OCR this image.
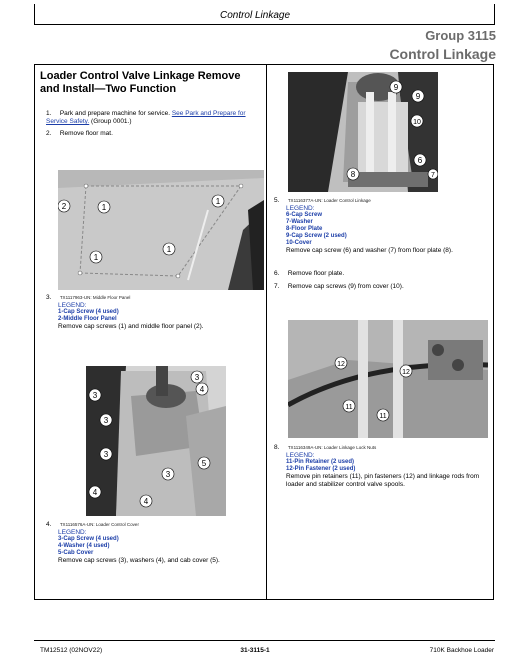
Control Linkage
Group 3115
Control Linkage
Loader Control Valve Linkage Remove and Install—Two Function
1. Park and prepare machine for service. See Park and Prepare for Service Safety. (Group 0001.)
2. Remove floor mat.
2	1
1
1
1
3. TX1117963-UN: Middle Floor Panel
LEGEND:
1-Cap Screw (4 used)
2-Middle Floor Panel
Remove cap screws (1) and middle floor panel (2).
3
4
3
3
3
5
3
4
4
4. TX1116576A-UN: Loader Control Cover
LEGEND:
3-Cap Screw (4 used)
4-Washer (4 used)
5-Cab Cover
Remove cap screws (3), washers (4), and cab cover (5).
9
9
10
6
8	7
5. TX1116377A-UN: Loader Control Linkage
LEGEND:
6-Cap Screw
7-Washer
8-Floor Plate
9-Cap Screw (2 used)
10-Cover
Remove cap screw (6) and washer (7) from floor plate (8).
6. Remove floor plate.
7. Remove cap screws (9) from cover (10).
12
12
11
11
8. TX1116349A-UN: Loader Linkage Lock Nuts
LEGEND:
11-Pin Retainer (2 used)
12-Pin Fastener (2 used)
Remove pin retainers (11), pin fasteners (12) and linkage rods from loader and stabilizer control valve spools.
TM12512 (02NOV22)	31-3115-1	710K Backhoe Loader
